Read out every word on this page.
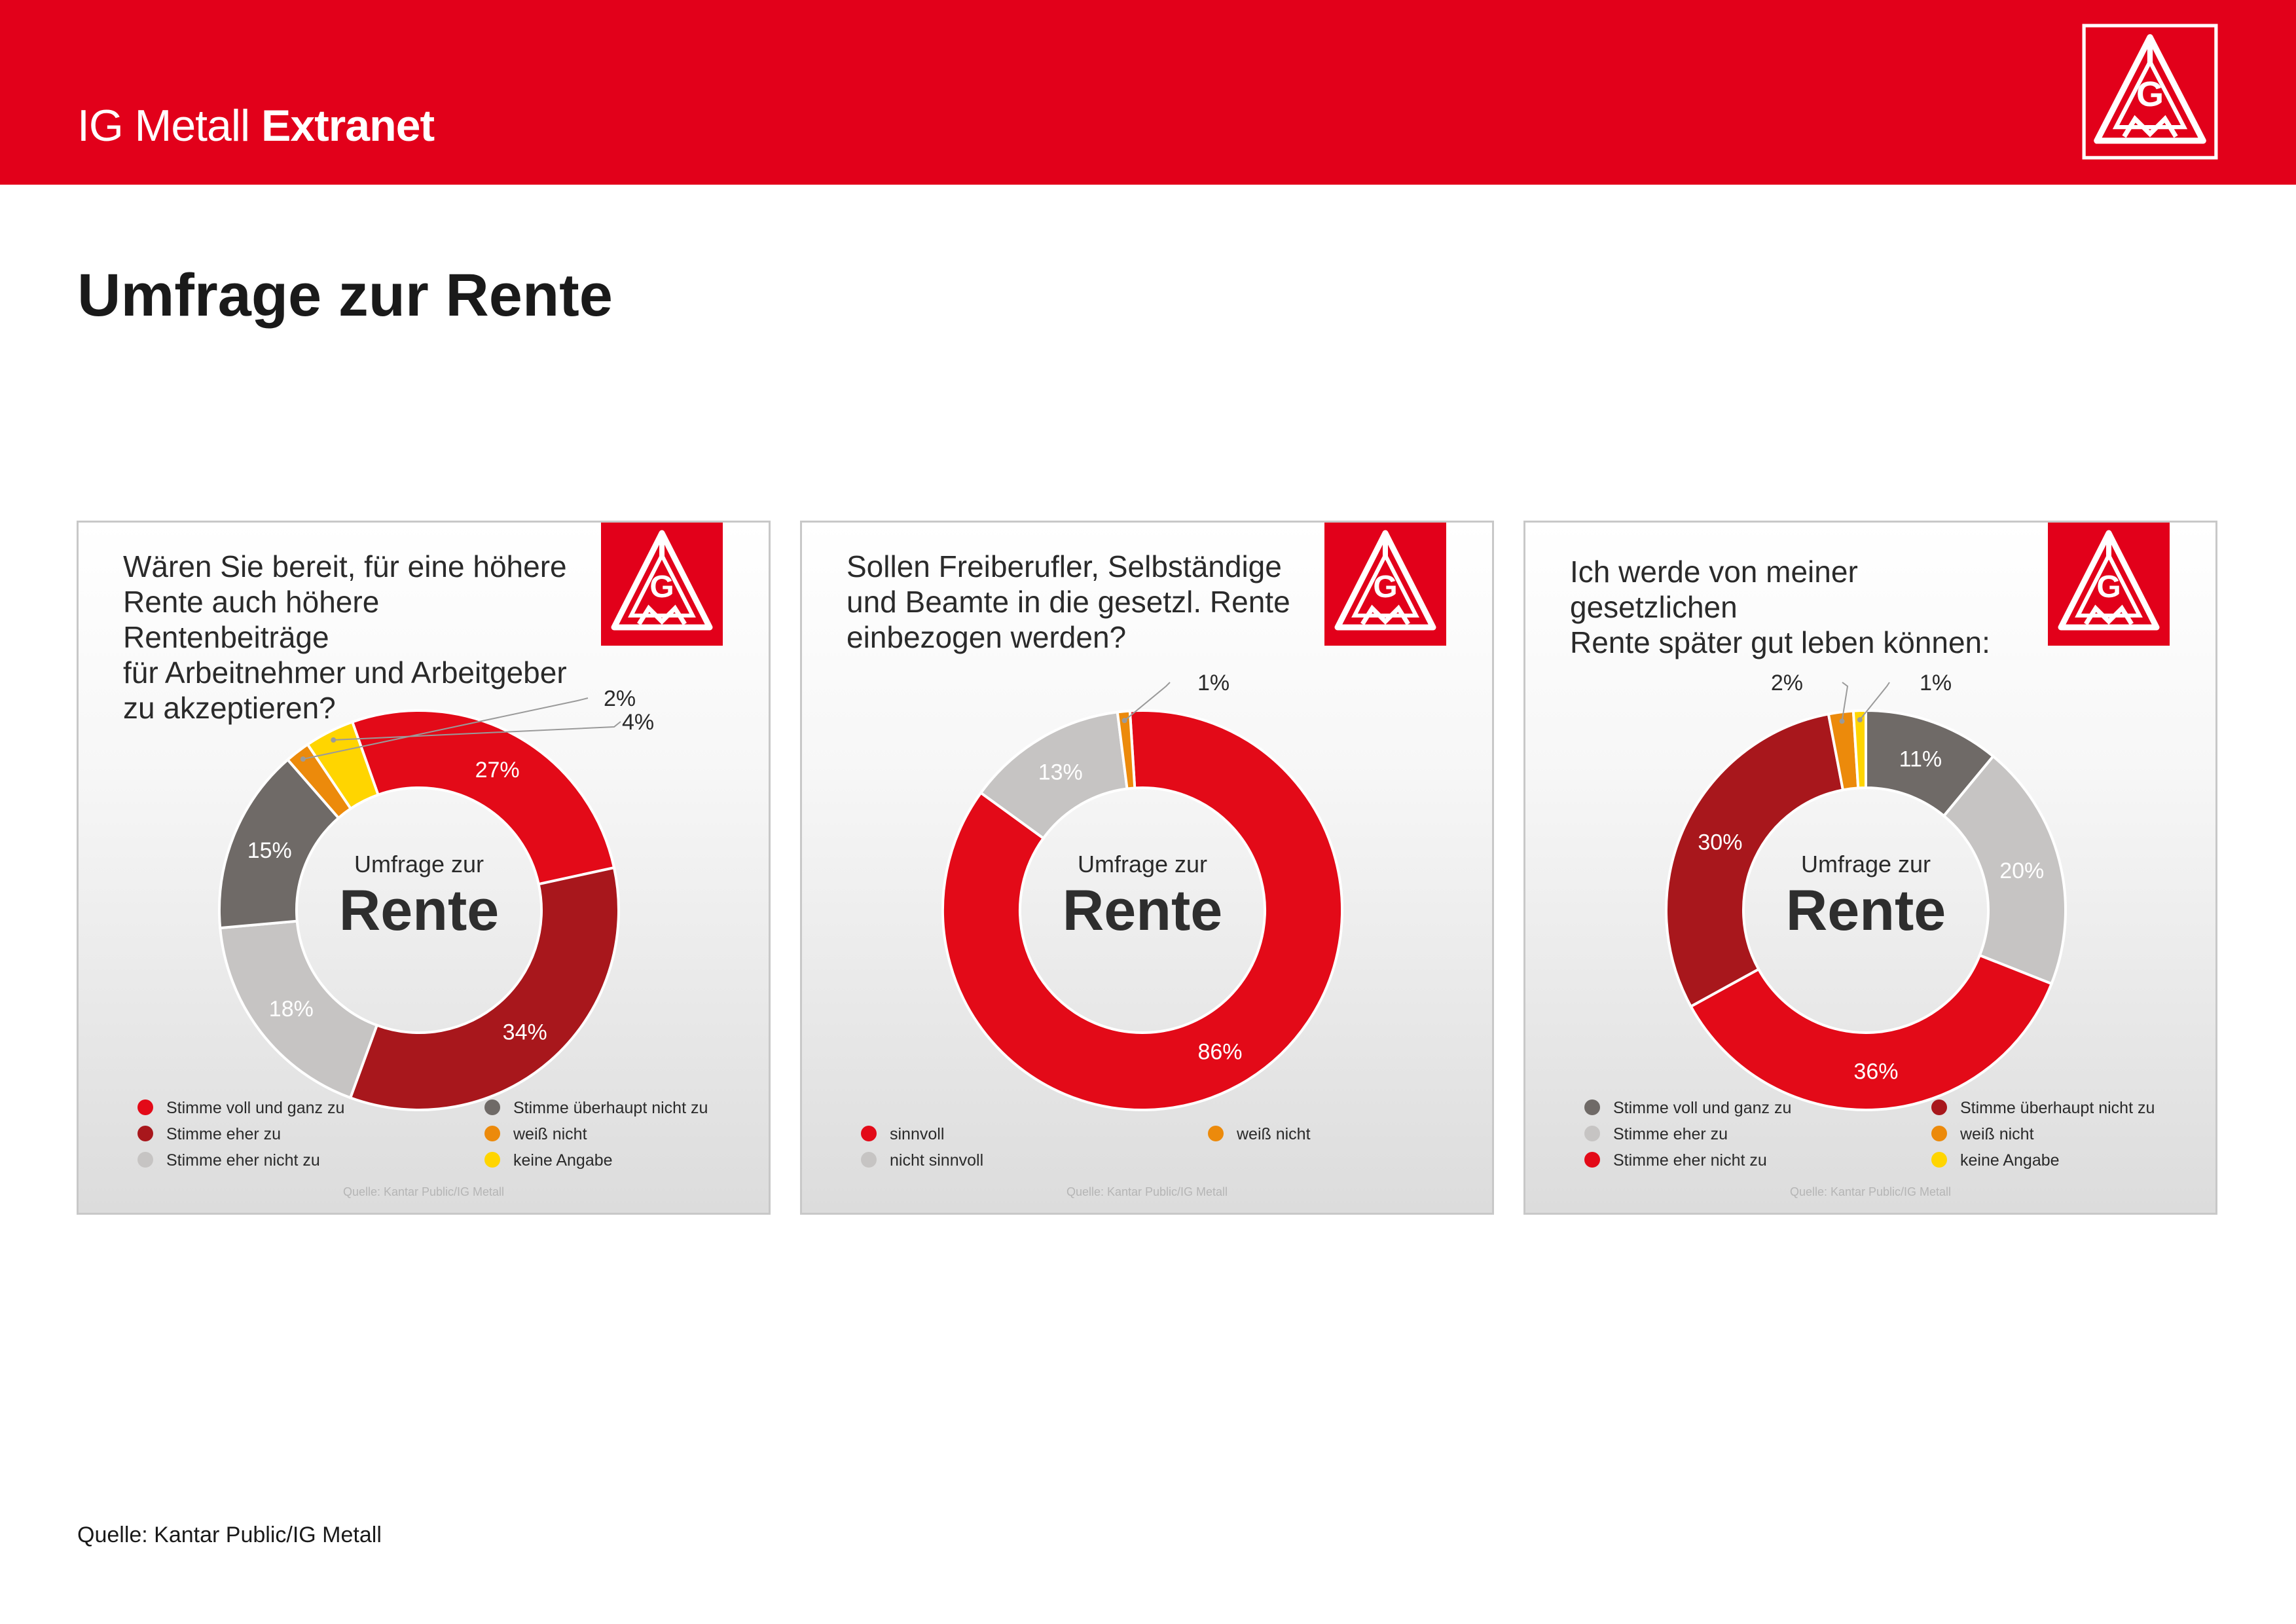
IG Metall Extranet
G
Umfrage zur Rente
G
Wären Sie bereit, für eine höhere
Rente auch höhere Rentenbeiträge
für Arbeitnehmer und Arbeitgeber
zu akzeptieren?
27%
34%
18%
15%
2%
4%
Umfrage zur
Rente
Stimme voll und ganz zu
Stimme eher zu
Stimme eher nicht zu
Stimme überhaupt nicht zu
weiß nicht
keine Angabe
Quelle: Kantar Public/IG Metall
G
Sollen Freiberufler, Selbständige
und Beamte in die gesetzl. Rente
einbezogen werden?
86%
13%
1%
Umfrage zur
Rente
sinnvoll
nicht sinnvoll
weiß nicht
Quelle: Kantar Public/IG Metall
G
Ich werde von meiner gesetzlichen
Rente später gut leben können:
11%
20%
36%
30%
2%	1%
Umfrage zur
Rente
Stimme voll und ganz zu
Stimme eher zu
Stimme eher nicht zu
Stimme überhaupt nicht zu
weiß nicht
keine Angabe
Quelle: Kantar Public/IG Metall
Quelle: Kantar Public/IG Metall
